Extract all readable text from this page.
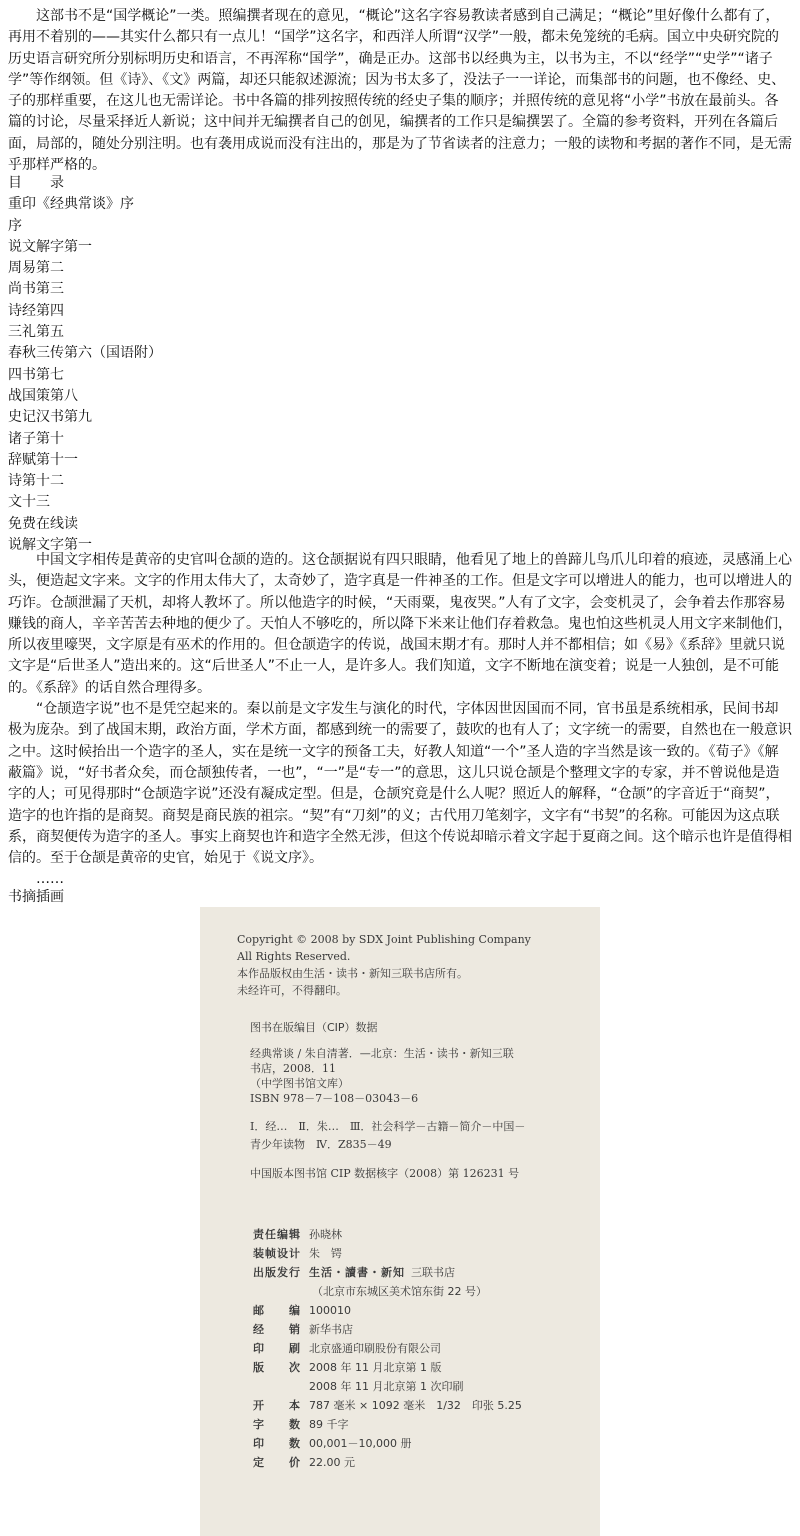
这部书不是“国学概论”一类。照编撰者现在的意见，“概论”这名字容易教读者感到自己满足；“概论”里好像什么都有了，再用不着别的——其实什么都只有一点儿！“国学”这名字，和西洋人所谓“汉学”一般，都未免笼统的毛病。国立中央研究院的历史语言研究所分别标明历史和语言，不再浑称“国学”，确是正办。这部书以经典为主，以书为主，不以“经学”“史学”“诸子学”等作纲领。但《诗》、《文》两篇，却还只能叙述源流；因为书太多了，没法子一一详论，而集部书的问题，也不像经、史、子的那样重要，在这儿也无需详论。书中各篇的排列按照传统的经史子集的顺序；并照传统的意见将“小学”书放在最前头。各篇的讨论，尽量采择近人新说；这中间并无编撰者自己的创见，编撰者的工作只是编撰罢了。全篇的参考资料，开列在各篇后面，局部的，随处分别注明。也有袭用成说而没有注出的，那是为了节省读者的注意力；一般的读物和考据的著作不同，是无需乎那样严格的。

目　　录
重印《经典常谈》序
序
说文解字第一
周易第二
尚书第三
诗经第四
三礼第五
春秋三传第六（国语附）
四书第七
战国策第八
史记汉书第九
诸子第十
辞赋第十一
诗第十二
文十三
免费在线读
说解文字第一

中国文字相传是黄帝的史官叫仓颉的造的。这仓颉据说有四只眼睛，他看见了地上的兽蹄儿鸟爪儿印着的痕迹，灵感涌上心头，便造起文字来。文字的作用太伟大了，太奇妙了，造字真是一件神圣的工作。但是文字可以增进人的能力，也可以增进人的巧诈。仓颉泄漏了天机，却将人教坏了。所以他造字的时候，“天雨粟，鬼夜哭。”人有了文字，会变机灵了，会争着去作那容易赚钱的商人，辛辛苦苦去种地的便少了。天怕人不够吃的，所以降下米来让他们存着救急。鬼也怕这些机灵人用文字来制他们，所以夜里嚎哭，文字原是有巫术的作用的。但仓颉造字的传说，战国末期才有。那时人并不都相信；如《易》《系辞》里就只说文字是“后世圣人”造出来的。这“后世圣人”不止一人，是许多人。我们知道，文字不断地在演变着；说是一人独创，是不可能的。《系辞》的话自然合理得多。

“仓颉造字说”也不是凭空起来的。秦以前是文字发生与演化的时代，字体因世因国而不同，官书虽是系统相承，民间书却极为庞杂。到了战国末期，政治方面，学术方面，都感到统一的需要了，鼓吹的也有人了；文字统一的需要，自然也在一般意识之中。这时候抬出一个造字的圣人，实在是统一文字的预备工夫，好教人知道“一个”圣人造的字当然是该一致的。《荀子》《解蔽篇》说，“好书者众矣，而仓颉独传者，一也”，“一”是“专一”的意思，这儿只说仓颉是个整理文字的专家，并不曾说他是造字的人；可见得那时“仓颉造字说”还没有凝成定型。但是，仓颉究竟是什么人呢？照近人的解释，“仓颉”的字音近于“商契”，造字的也许指的是商契。商契是商民族的祖宗。“契”有“刀刻”的义；古代用刀笔刻字，文字有“书契”的名称。可能因为这点联系，商契便传为造字的圣人。事实上商契也许和造字全然无涉，但这个传说却暗示着文字起于夏商之间。这个暗示也许是值得相信的。至于仓颉是黄帝的史官，始见于《说文序》。

……
书摘插画
Copyright © 2008 by SDX Joint Publishing Company
All Rights Reserved.
本作品版权由生活・读书・新知三联书店所有。
未经许可，不得翻印。
图书在版编目（CIP）数据

经典常谈 / 朱自清著．—北京：生活・读书・新知三联

书店，2008．11

（中学图书馆文库）

ISBN 978－7－108－03043－6

Ⅰ．经…　Ⅱ．朱…　Ⅲ．社会科学－古籍－简介－中国－

青少年读物　Ⅳ．Z835－49

中国版本图书馆 CIP 数据核字（2008）第 126231 号
责任编辑 孙晓林
装帧设计 朱　锷
出版发行 生活・讀書・新知 三联书店
（北京市东城区美术馆东街 22 号）
邮　　编 100010
经　　销 新华书店
印　　刷 北京盛通印刷股份有限公司
版　　次 2008 年 11 月北京第 1 版
2008 年 11 月北京第 1 次印刷
开　　本 787 毫米 × 1092 毫米　1/32　印张 5.25
字　　数 89 千字
印　　数 00,001－10,000 册
定　　价 22.00 元
